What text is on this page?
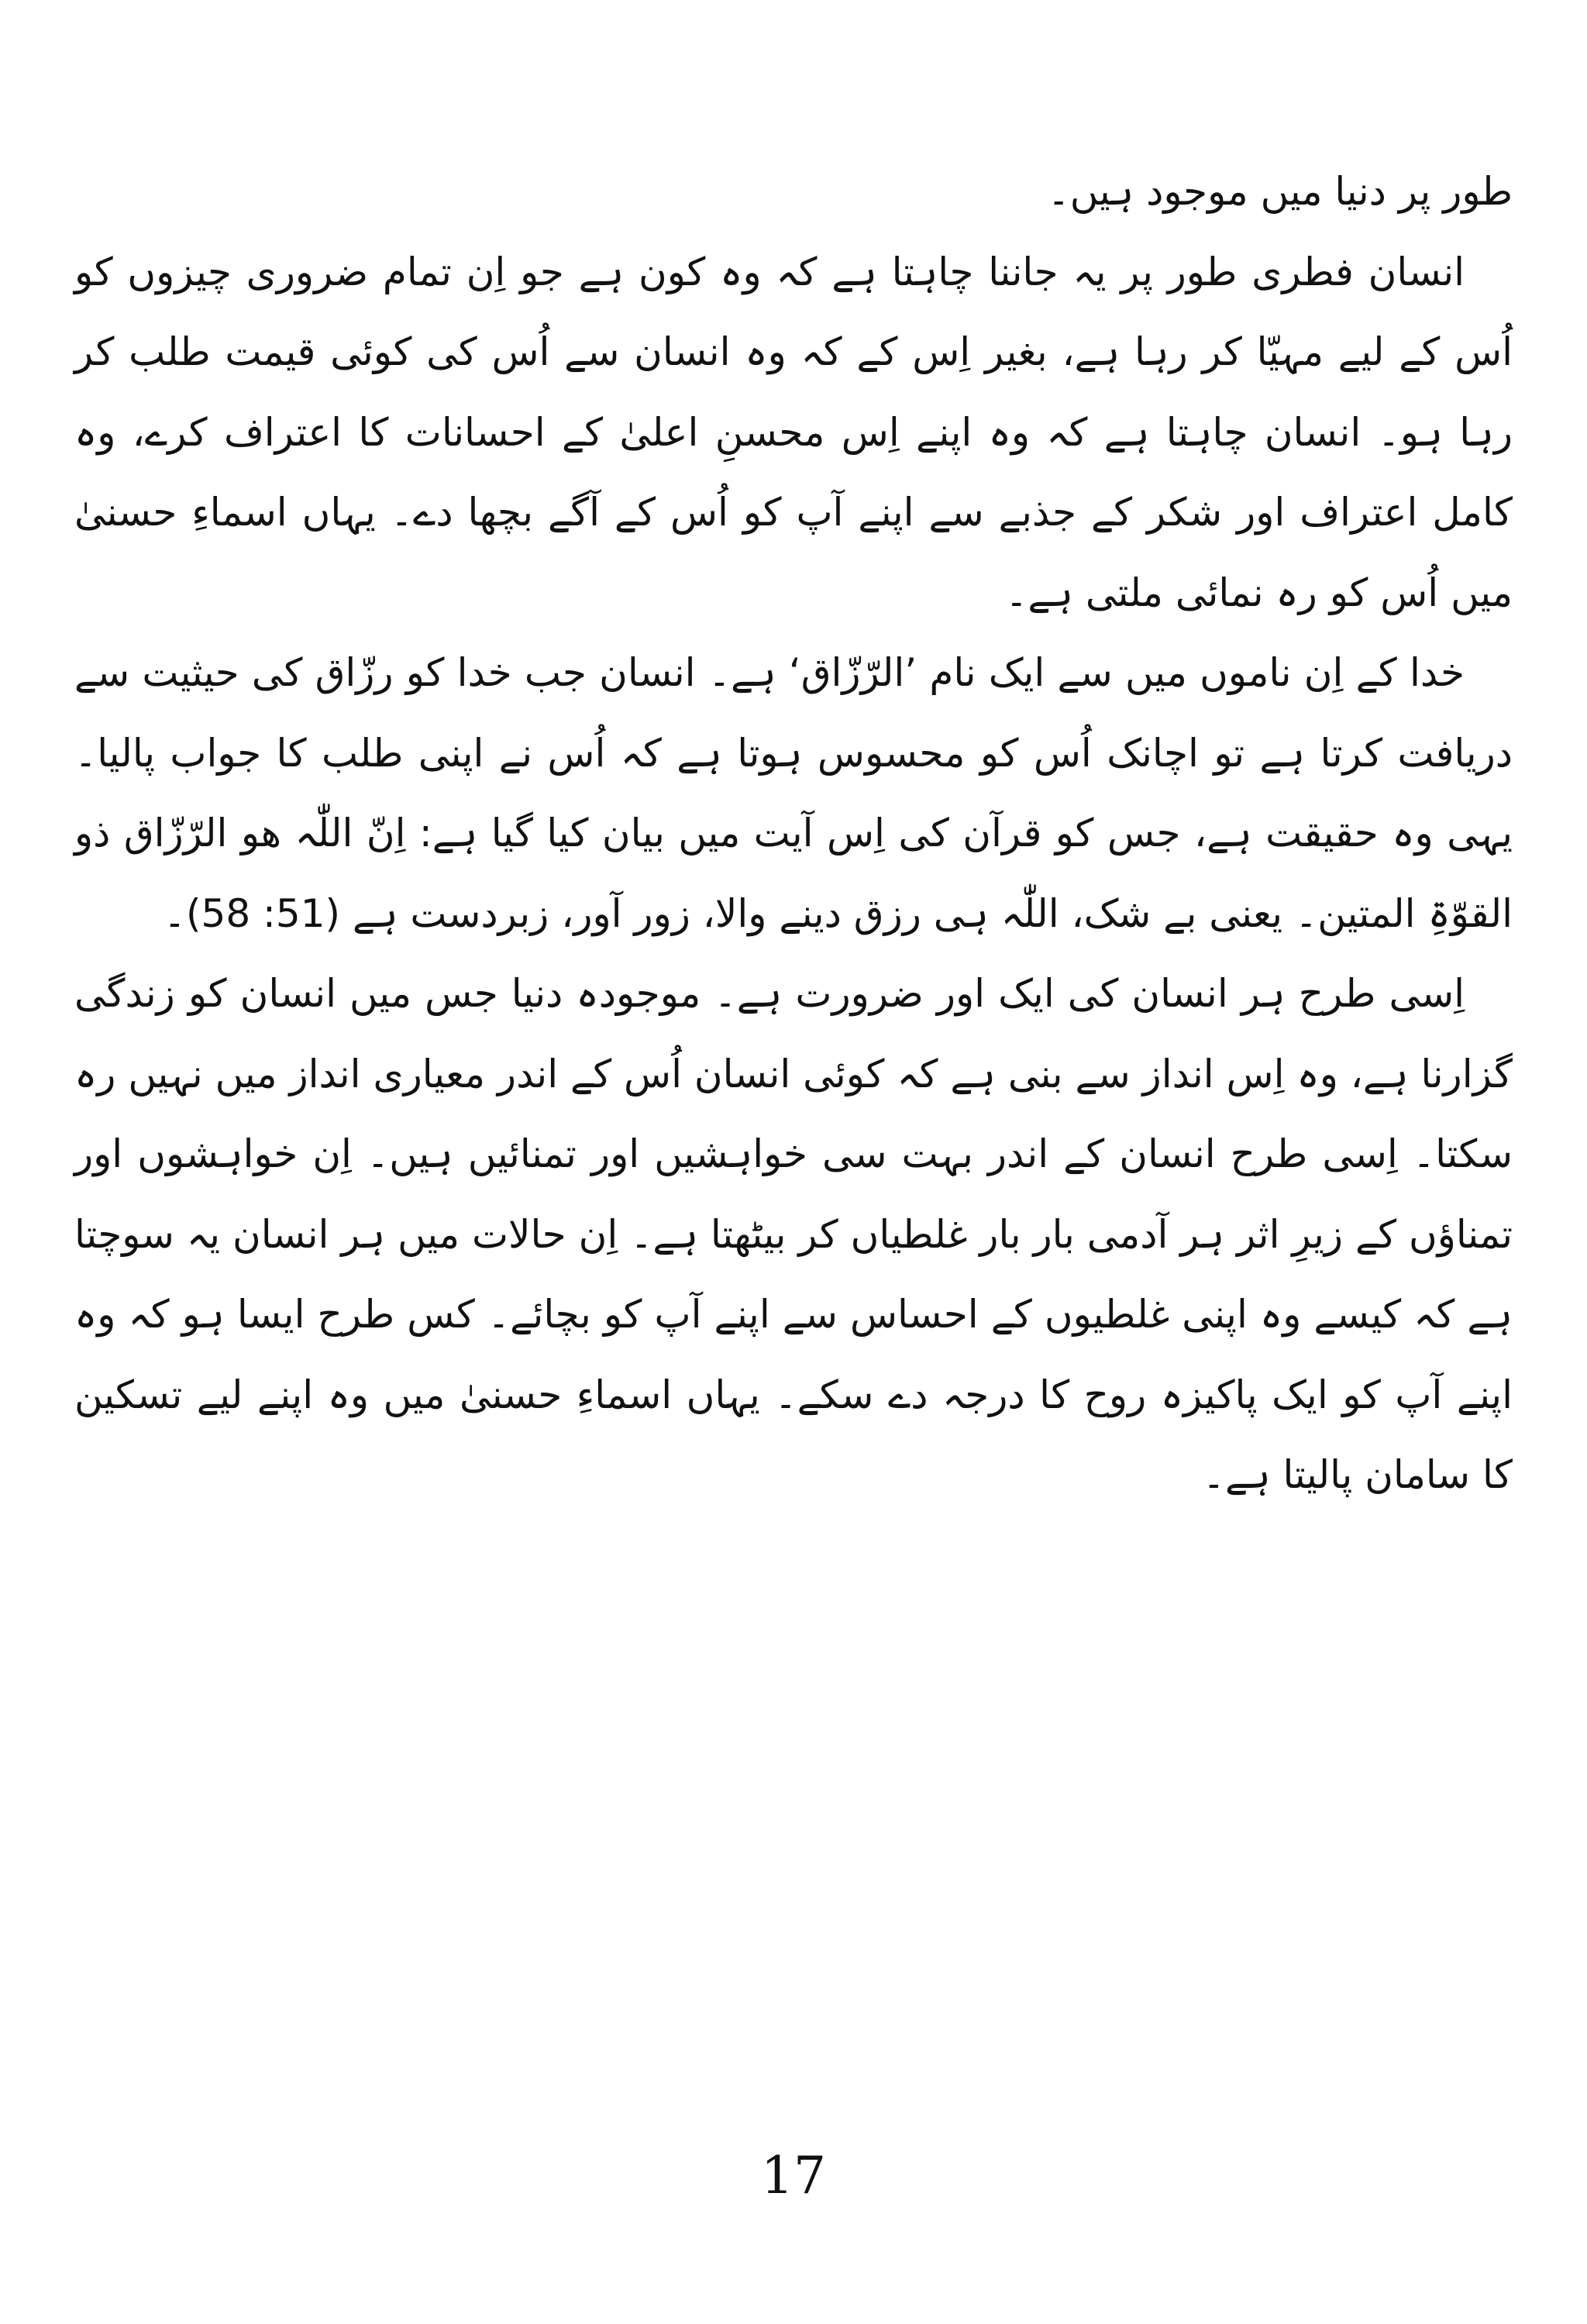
طور پر دنیا میں موجود ہیں۔

انسان فطری طور پر یہ جاننا چاہتا ہے کہ وہ کون ہے جو اِن تمام ضروری چیزوں کو اُس کے لیے مہیّا کر رہا ہے، بغیر اِس کے کہ وہ انسان سے اُس کی کوئی قیمت طلب کر رہا ہو۔ انسان چاہتا ہے کہ وہ اپنے اِس محسنِ اعلیٰ کے احسانات کا اعتراف کرے، وہ کامل اعتراف اور شکر کے جذبے سے اپنے آپ کو اُس کے آگے بچھا دے۔ یہاں اسماءِ حسنیٰ میں اُس کو رہ نمائی ملتی ہے۔

خدا کے اِن ناموں میں سے ایک نام ’الرّزّاق‘ ہے۔ انسان جب خدا کو رزّاق کی حیثیت سے دریافت کرتا ہے تو اچانک اُس کو محسوس ہوتا ہے کہ اُس نے اپنی طلب کا جواب پالیا۔ یہی وہ حقیقت ہے، جس کو قرآن کی اِس آیت میں بیان کیا گیا ہے: اِنّ اللّٰہ ھو الرّزّاق ذو القوّۃِ المتین۔ یعنی بے شک، اللّٰہ ہی رزق دینے والا، زور آور، زبردست ہے (51: 58)۔

اِسی طرح ہر انسان کی ایک اور ضرورت ہے۔ موجودہ دنیا جس میں انسان کو زندگی گزارنا ہے، وہ اِس انداز سے بنی ہے کہ کوئی انسان اُس کے اندر معیاری انداز میں نہیں رہ سکتا۔ اِسی طرح انسان کے اندر بہت سی خواہشیں اور تمنائیں ہیں۔ اِن خواہشوں اور تمناؤں کے زیرِ اثر ہر آدمی بار بار غلطیاں کر بیٹھتا ہے۔ اِن حالات میں ہر انسان یہ سوچتا ہے کہ کیسے وہ اپنی غلطیوں کے احساس سے اپنے آپ کو بچائے۔ کس طرح ایسا ہو کہ وہ اپنے آپ کو ایک پاکیزہ روح کا درجہ دے سکے۔ یہاں اسماءِ حسنیٰ میں وہ اپنے لیے تسکین کا سامان پالیتا ہے۔

17
